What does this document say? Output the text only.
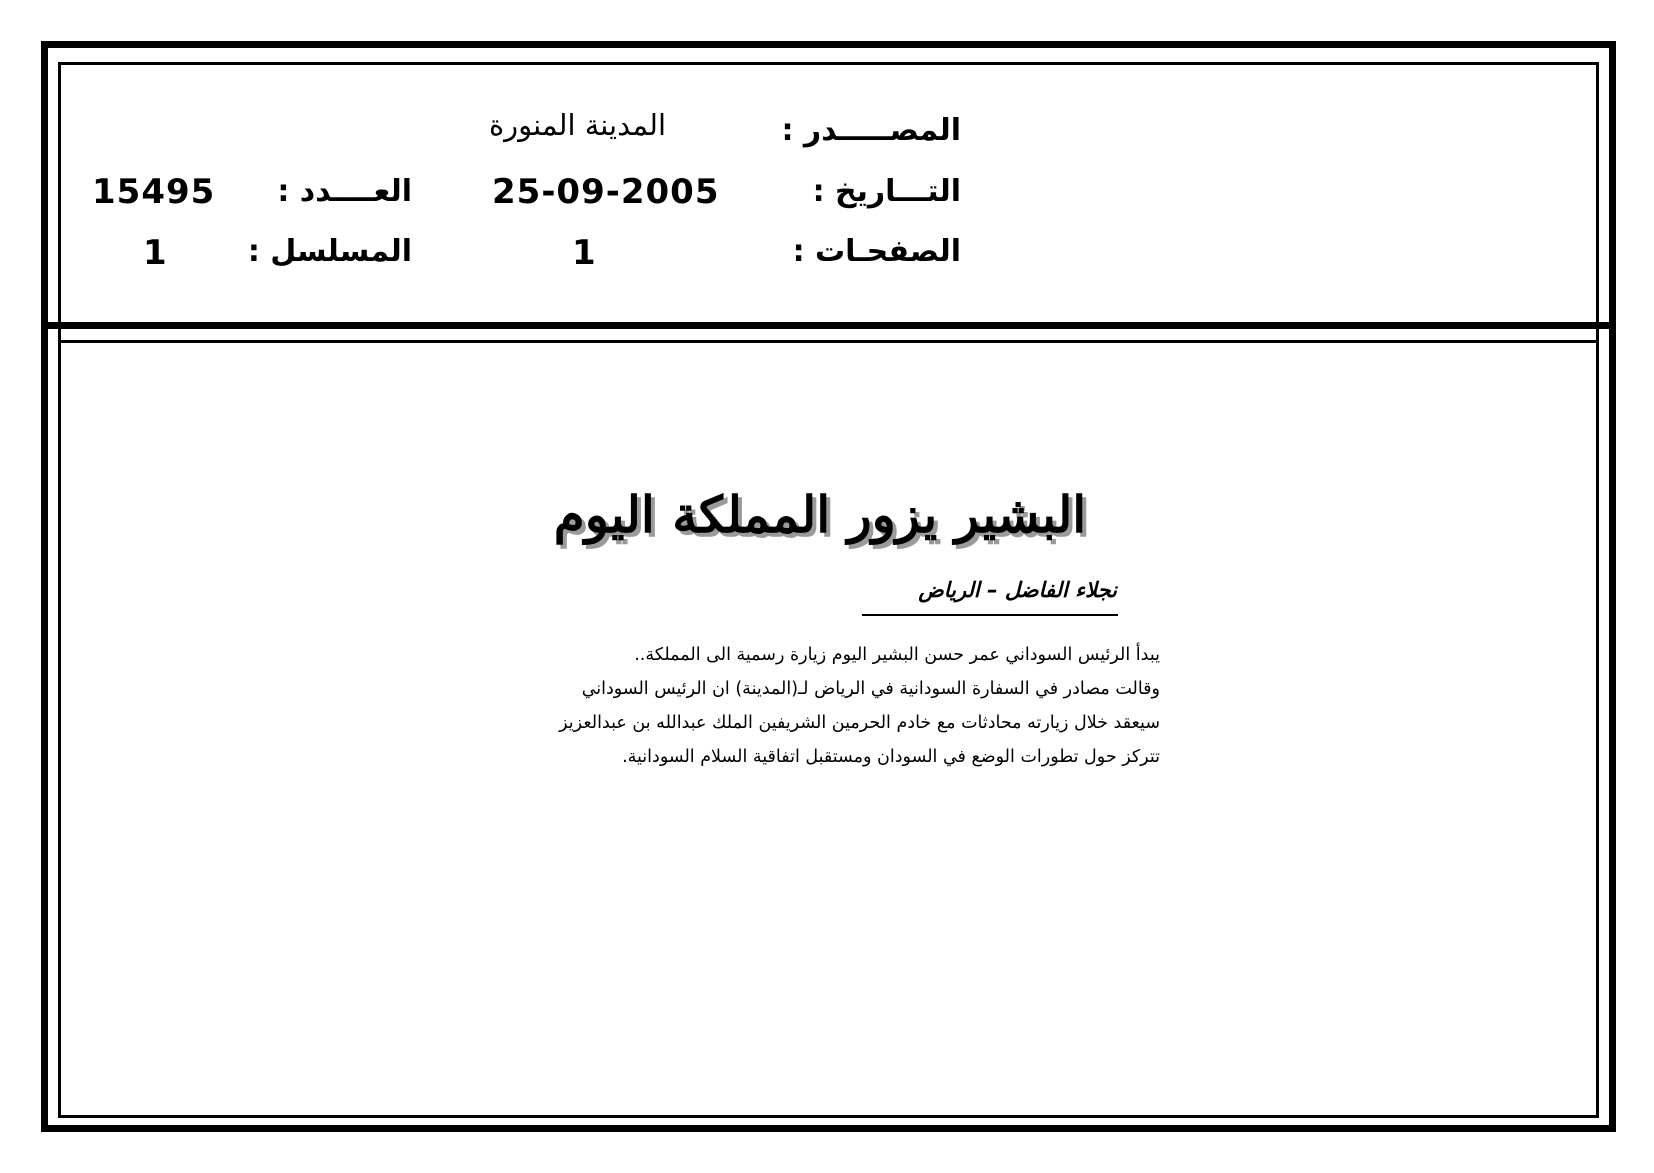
المصـــــدر :
المدينة المنورة
التـــاريخ :
25-09-2005
العــــدد :
15495
الصفحـات :
1
المسلسل :
1
البشير يزور المملكة اليوم
نجلاء الفاضل – الرياض
يبدأ الرئيس السوداني عمر حسن البشير اليوم زيارة رسمية الى المملكة..
وقالت مصادر في السفارة السودانية في الرياض لـ(المدينة) ان الرئيس السوداني
سيعقد خلال زيارته محادثات مع خادم الحرمين الشريفين الملك عبدالله بن عبدالعزيز
تتركز حول تطورات الوضع في السودان ومستقبل اتفاقية السلام السودانية.
